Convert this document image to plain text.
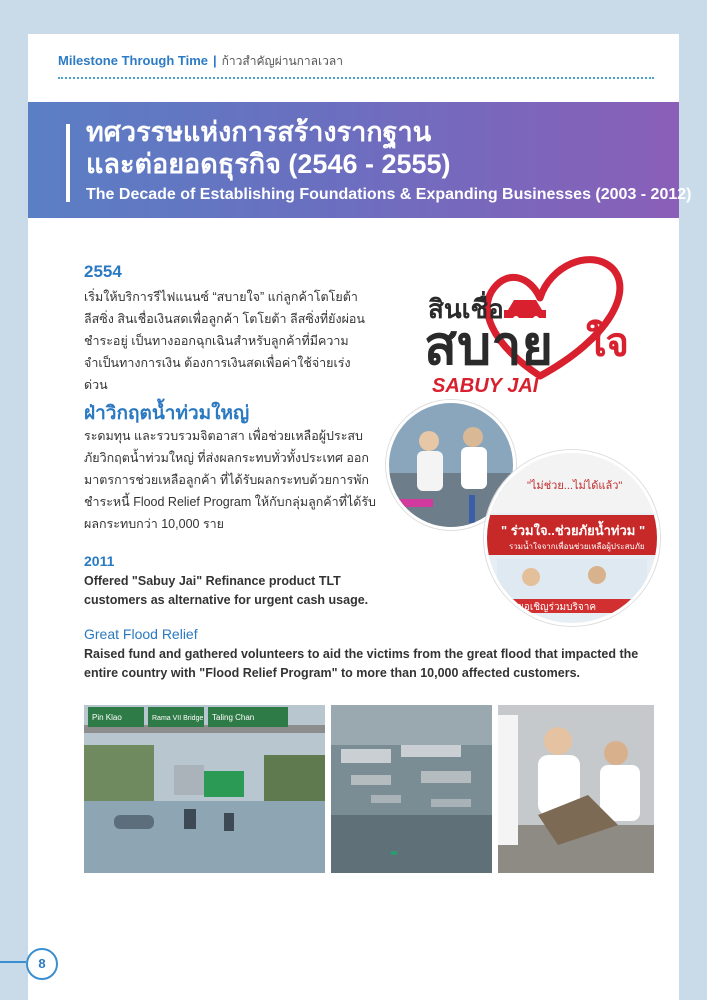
Milestone Through Time | ก้าวสำคัญผ่านกาลเวลา
ทศวรรษแห่งการสร้างรากฐาน
และต่อยอดธุรกิจ (2546 - 2555)
The Decade of Establishing Foundations & Expanding Businesses (2003 - 2012)
2554
เริ่มให้บริการรีไฟแนนซ์ “สบายใจ” แก่ลูกค้าโตโยต้า ลีสซิ่ง สินเชื่อเงินสดเพื่อลูกค้า โตโยต้า ลีสซิ่งที่ยังผ่อนชำระอยู่ เป็นทางออกฉุกเฉินสำหรับลูกค้าที่มีความจำเป็นทางการเงิน ต้องการเงินสดเพื่อค่าใช้จ่ายเร่งด่วน
ฝ่าวิกฤตน้ำท่วมใหญ่
ระดมทุน และรวบรวมจิตอาสา เพื่อช่วยเหลือผู้ประสบภัยวิกฤตน้ำท่วมใหญ่ ที่ส่งผลกระทบทั่วทั้งประเทศ ออกมาตรการช่วยเหลือลูกค้า ที่ได้รับผลกระทบด้วยการพักชำระหนี้ Flood Relief Program ให้กับกลุ่มลูกค้าที่ได้รับผลกระทบกว่า 10,000 ราย
2011
Offered "Sabuy Jai" Refinance product TLT customers as alternative for urgent cash usage.
Great Flood Relief
Raised fund and gathered volunteers to aid the victims from the great flood that impacted the entire country with "Flood Relief Program" to more than 10,000 affected customers.
สินเชื่อ
สบาย ใจ
SABUY JAI
"ไม่ช่วย...ไม่ได้แล้ว"
" ร่วมใจ..ช่วยภัยน้ำท่วม "
รวมน้ำใจจากเพื่อนช่วยเหลือผู้ประสบภัย
ขอเชิญร่วมบริจาค
Pin Klao	Rama VII Bridge Taling Chan
8
